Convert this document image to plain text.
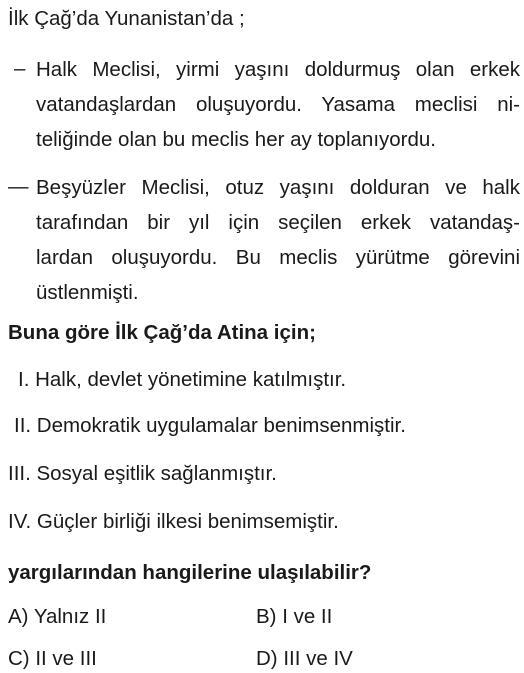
İlk Çağ’da Yunanistan’da ;
– Halk Meclisi, yirmi yaşını doldurmuş olan erkek
vatandaşlardan oluşuyordu. Yasama meclisi ni-
teliğinde olan bu meclis her ay toplanıyordu.
— Beşyüzler Meclisi, otuz yaşını dolduran ve halk
tarafından bir yıl için seçilen erkek vatandaş-
lardan oluşuyordu. Bu meclis yürütme görevini
üstlenmişti.
Buna göre İlk Çağ’da Atina için;
I. Halk, devlet yönetimine katılmıştır.
II. Demokratik uygulamalar benimsenmiştir.
III. Sosyal eşitlik sağlanmıştır.
IV. Güçler birliği ilkesi benimsemiştir.
yargılarından hangilerine ulaşılabilir?
A) Yalnız II	B) I ve II
C) II ve III	D) III ve IV
